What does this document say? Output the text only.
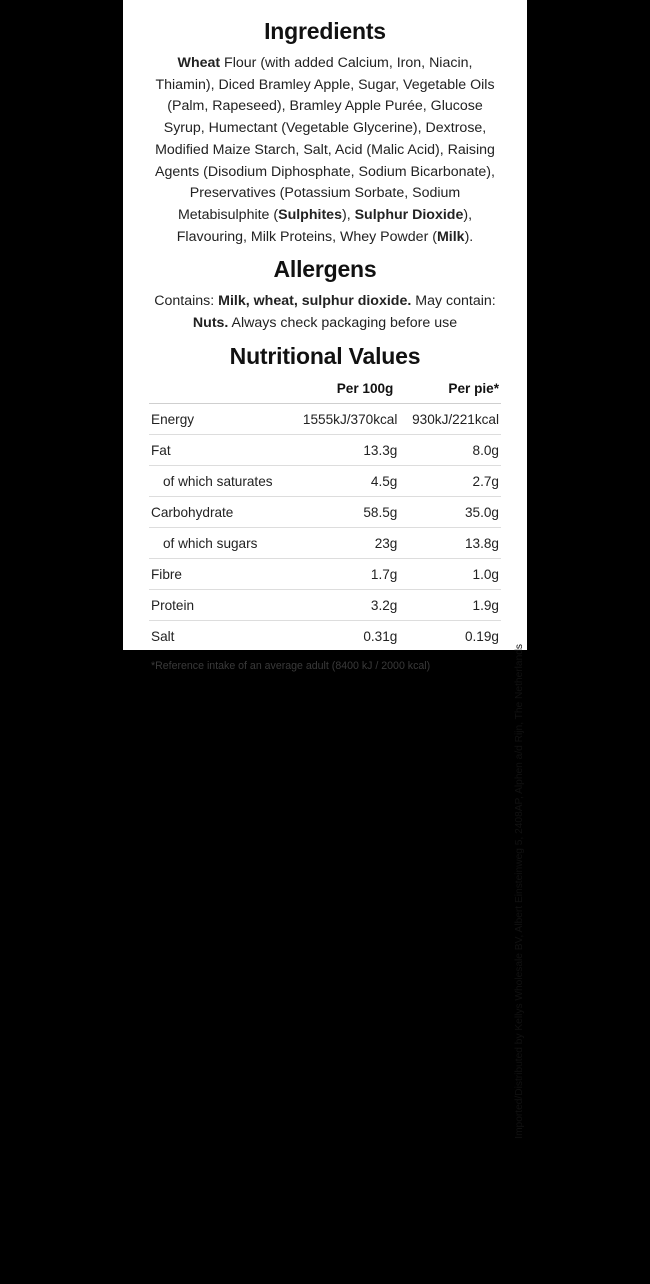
Ingredients

Wheat Flour (with added Calcium, Iron, Niacin, Thiamin), Diced Bramley Apple, Sugar, Vegetable Oils (Palm, Rapeseed), Bramley Apple Purée, Glucose Syrup, Humectant (Vegetable Glycerine), Dextrose, Modified Maize Starch, Salt, Acid (Malic Acid), Raising Agents (Disodium Diphosphate, Sodium Bicarbonate), Preservatives (Potassium Sorbate, Sodium Metabisulphite (Sulphites), Sulphur Dioxide), Flavouring, Milk Proteins, Whey Powder (Milk).

Allergens

Contains: Milk, wheat, sulphur dioxide. May contain: Nuts. Always check packaging before use

Nutritional Values
	Per 100g	Per pie*
Energy	1555kJ/370kcal	930kJ/221kcal
Fat	13.3g	8.0g
of which saturates	4.5g	2.7g
Carbohydrate	58.5g	35.0g
of which sugars	23g	13.8g
Fibre	1.7g	1.0g
Protein	3.2g	1.9g
Salt	0.31g	0.19g
*Reference intake of an average adult (8400 kJ / 2000 kcal)	Imported/Distributed by Kellys Wholesale BV, Albert Einsteinweg 5, 2408AP, Alphen a/d Rijn, The Netherlands
